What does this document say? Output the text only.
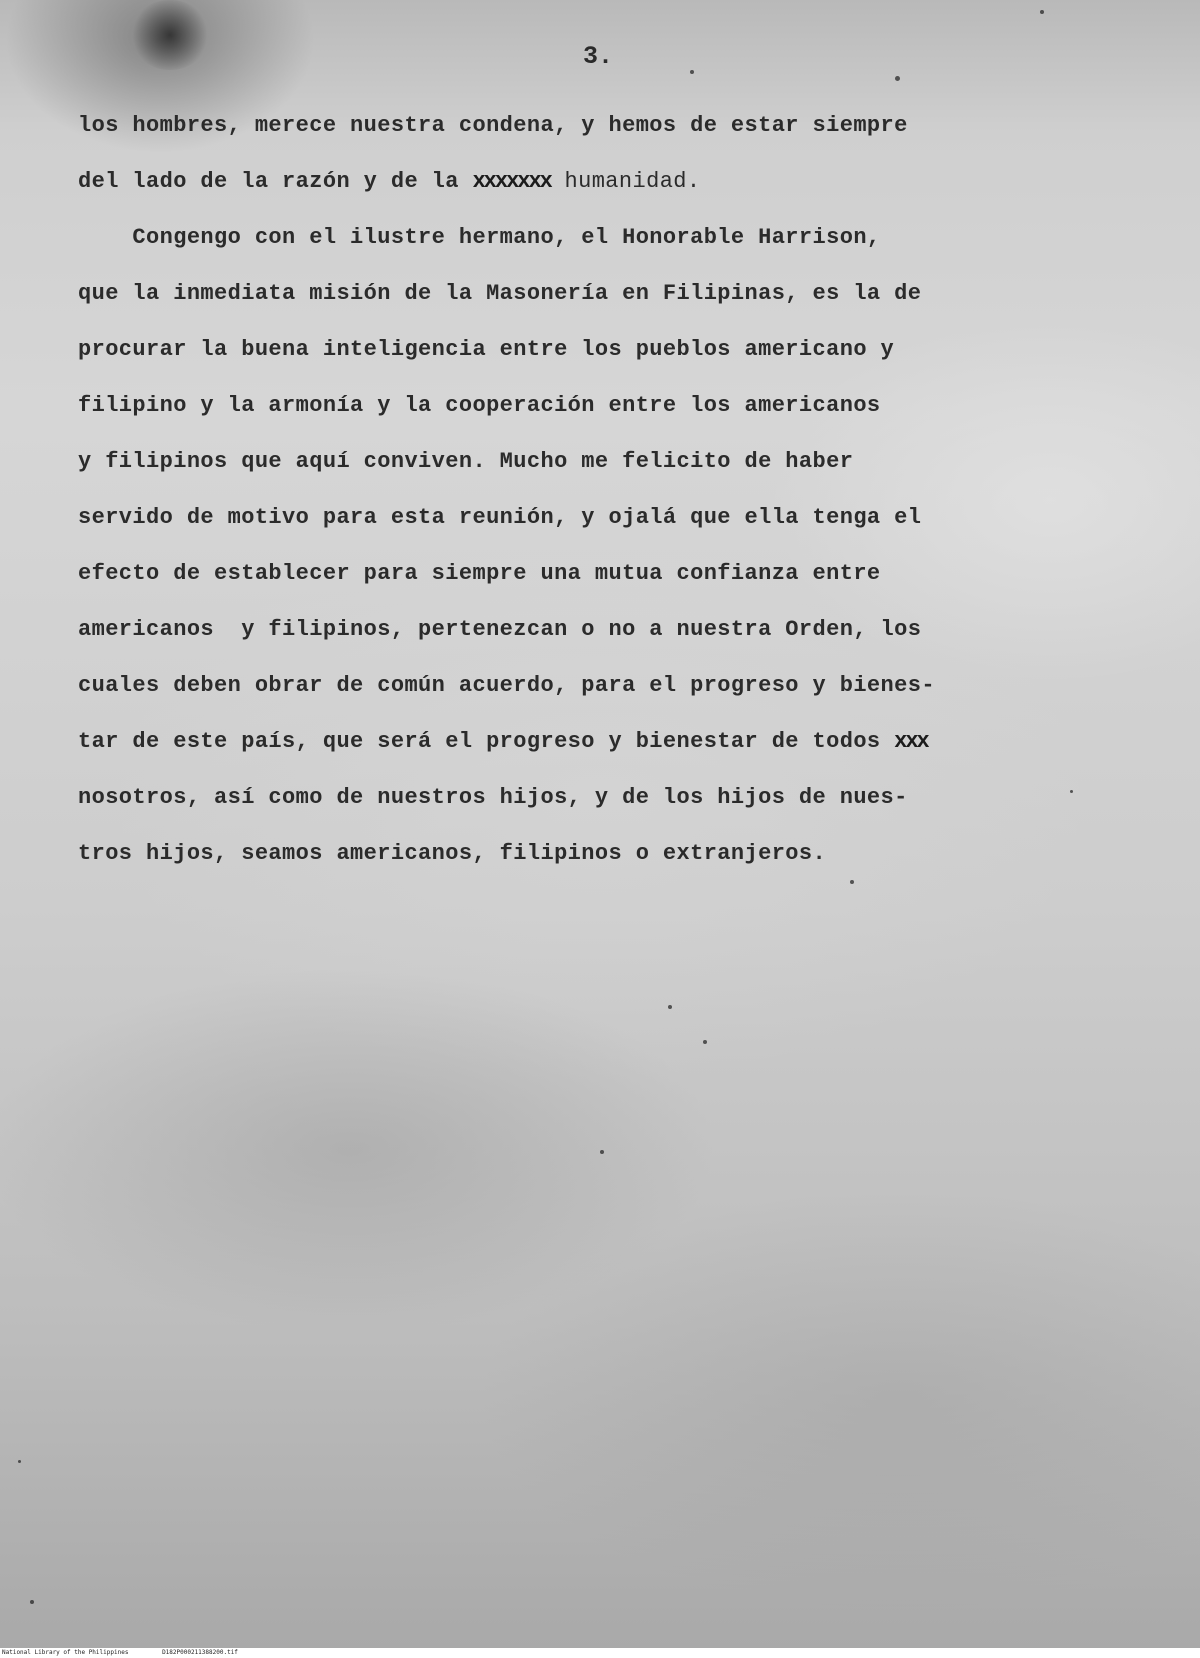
3.
los hombres, merece nuestra condena, y hemos de estar siempre
del lado de la razón y de la xxxxxxx humanidad.
Congengo con el ilustre hermano, el Honorable Harrison,
que la inmediata misión de la Masonería en Filipinas, es la de
procurar la buena inteligencia entre los pueblos americano y
filipino y la armonía y la cooperación entre los americanos
y filipinos que aquí conviven. Mucho me felicito de haber
servido de motivo para esta reunión, y ojalá que ella tenga el
efecto de establecer para siempre una mutua confianza entre
americanos  y filipinos, pertenezcan o no a nuestra Orden, los
cuales deben obrar de común acuerdo, para el progreso y bienes-
tar de este país, que será el progreso y bienestar de todos xxx
nosotros, así como de nuestros hijos, y de los hijos de nues-
tros hijos, seamos americanos, filipinos o extranjeros.
National Library of the Philippines	D182P000211388200.tif
